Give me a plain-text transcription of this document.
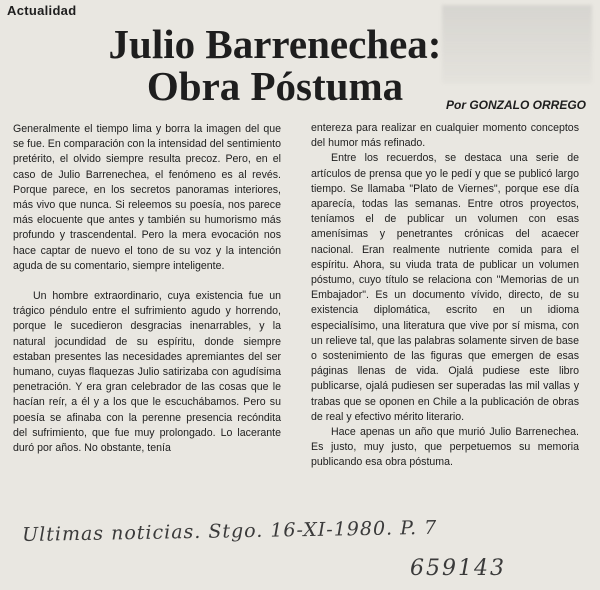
Actualidad
Julio Barrenechea:
Obra Póstuma	Por GONZALO ORREGO

Generalmente el tiempo lima y borra la imagen del que se fue. En comparación con la intensidad del sentimiento pretérito, el olvido siempre resulta precoz. Pero, en el caso de Julio Barrenechea, el fenómeno es al revés. Porque parece, en los secretos panoramas interiores, más vivo que nunca. Si releemos su poesía, nos parece más elocuente que antes y también su humorismo más profundo y trascendental. Pero la mera evocación nos hace captar de nuevo el tono de su voz y la intención aguda de su comentario, siempre inteligente.

Un hombre extraordinario, cuya existencia fue un trágico péndulo entre el sufrimiento agudo y horrendo, porque le sucedieron desgracias inenarrables, y la natural jocundidad de su espíritu, donde siempre estaban presentes las necesidades apremiantes del ser humano, cuyas flaquezas Julio satirizaba con agudísima penetración. Y era gran celebrador de las cosas que le hacían reír, a él y a los que le escuchábamos. Pero su poesía se afinaba con la perenne presencia recóndita del sufrimiento, que fue muy prolongado. Lo lacerante duró por años. No obstante, tenía

entereza para realizar en cualquier momento conceptos del humor más refinado.

Entre los recuerdos, se destaca una serie de artículos de prensa que yo le pedí y que se publicó largo tiempo. Se llamaba "Plato de Viernes", porque ese día aparecía, todas las semanas. Entre otros proyectos, teníamos el de publicar un volumen con esas amenísimas y penetrantes crónicas del acaecer nacional. Eran realmente nutriente comida para el espíritu. Ahora, su viuda trata de publicar un volumen póstumo, cuyo título se relaciona con "Memorias de un Embajador". Es un documento vívido, directo, de su existencia diplomática, escrito en un idioma especialísimo, una literatura que vive por sí misma, con un relieve tal, que las palabras solamente sirven de base o sostenimiento de las figuras que emergen de esas páginas llenas de vida. Ojalá pudiese este libro publicarse, ojalá pudiesen ser superadas las mil vallas y trabas que se oponen en Chile a la publicación de obras de real y efectivo mérito literario.

Hace apenas un año que murió Julio Barrenechea. Es justo, muy justo, que perpetuemos su memoria publicando esa obra póstuma.

Ultimas noticias. Stgo. 16-XI-1980. P. 7
659143
